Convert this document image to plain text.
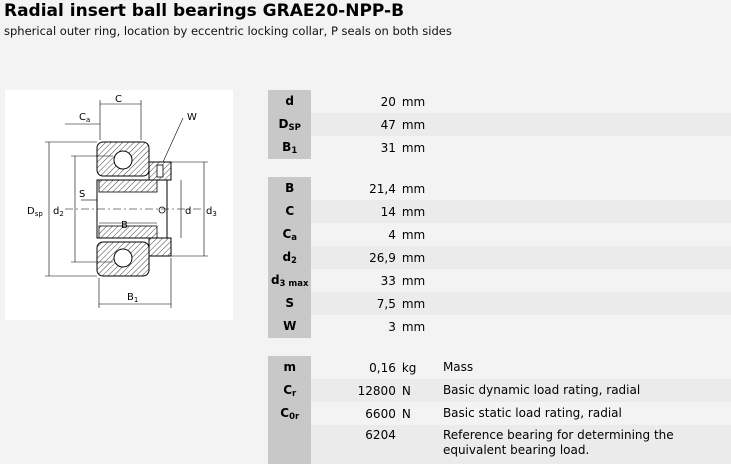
Radial insert ball bearings GRAE20-NPP-B
spherical outer ring, location by eccentric locking collar, P seals on both sides
C
$C_a$	W
S
B
$B_1$
$D_{sp}$ $d_2$	d $d_3$
d	20	mm	
DSP	47	mm	
B1	31	mm	

B	21,4	mm	
C	14	mm	
Ca	4	mm	
d2	26,9	mm	
d3 max	33	mm	
S	7,5	mm	
W	3	mm	

m	0,16	kg	Mass
Cr	12800	N	Basic dynamic load rating, radial
C0r	6600	N	Basic static load rating, radial
	6204		Reference bearing for determining the equivalent bearing load.
